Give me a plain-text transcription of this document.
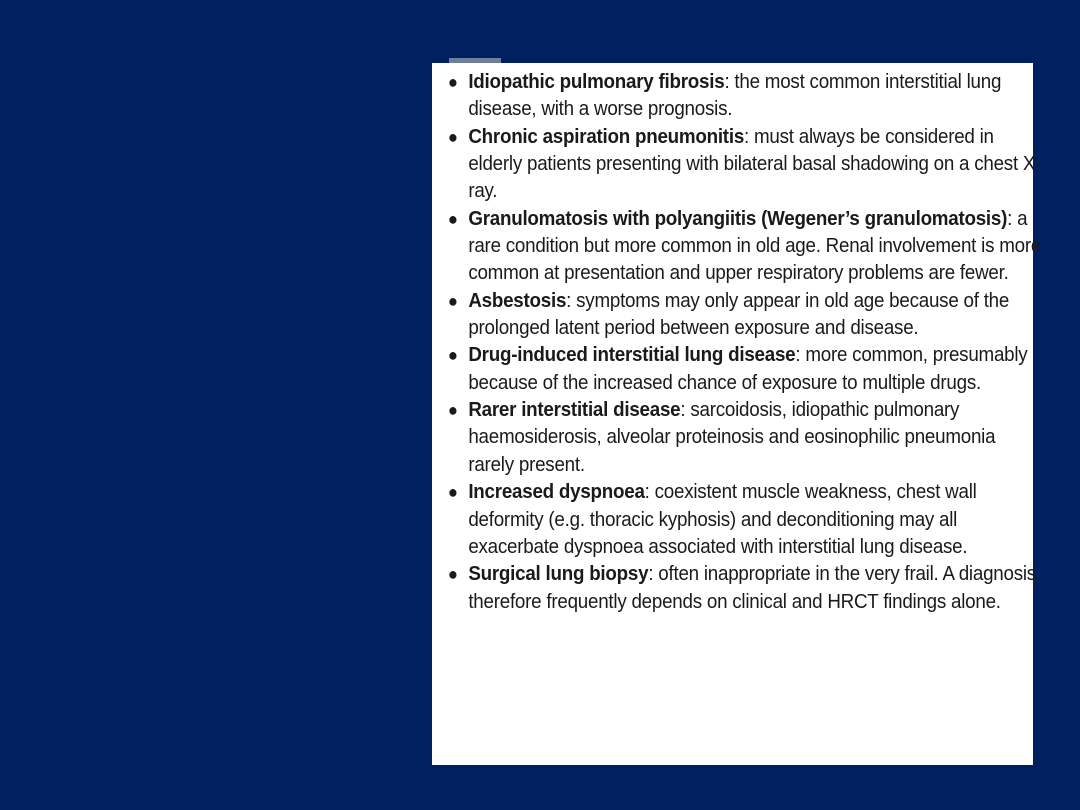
● Idiopathic pulmonary fibrosis: the most common interstitial lung disease, with a worse prognosis.
● Chronic aspiration pneumonitis: must always be considered in elderly patients presenting with bilateral basal shadowing on a chest X-ray.
● Granulomatosis with polyangiitis (Wegener’s granulomatosis): a rare condition but more common in old age. Renal involvement is more common at presentation and upper respiratory problems are fewer.
● Asbestosis: symptoms may only appear in old age because of the prolonged latent period between exposure and disease.
● Drug-induced interstitial lung disease: more common, presumably because of the increased chance of exposure to multiple drugs.
● Rarer interstitial disease: sarcoidosis, idiopathic pulmonary haemosiderosis, alveolar proteinosis and eosinophilic pneumonia rarely present.
● Increased dyspnoea: coexistent muscle weakness, chest wall deformity (e.g. thoracic kyphosis) and deconditioning may all exacerbate dyspnoea associated with interstitial lung disease.
● Surgical lung biopsy: often inappropriate in the very frail. A diagnosis therefore frequently depends on clinical and HRCT findings alone.
